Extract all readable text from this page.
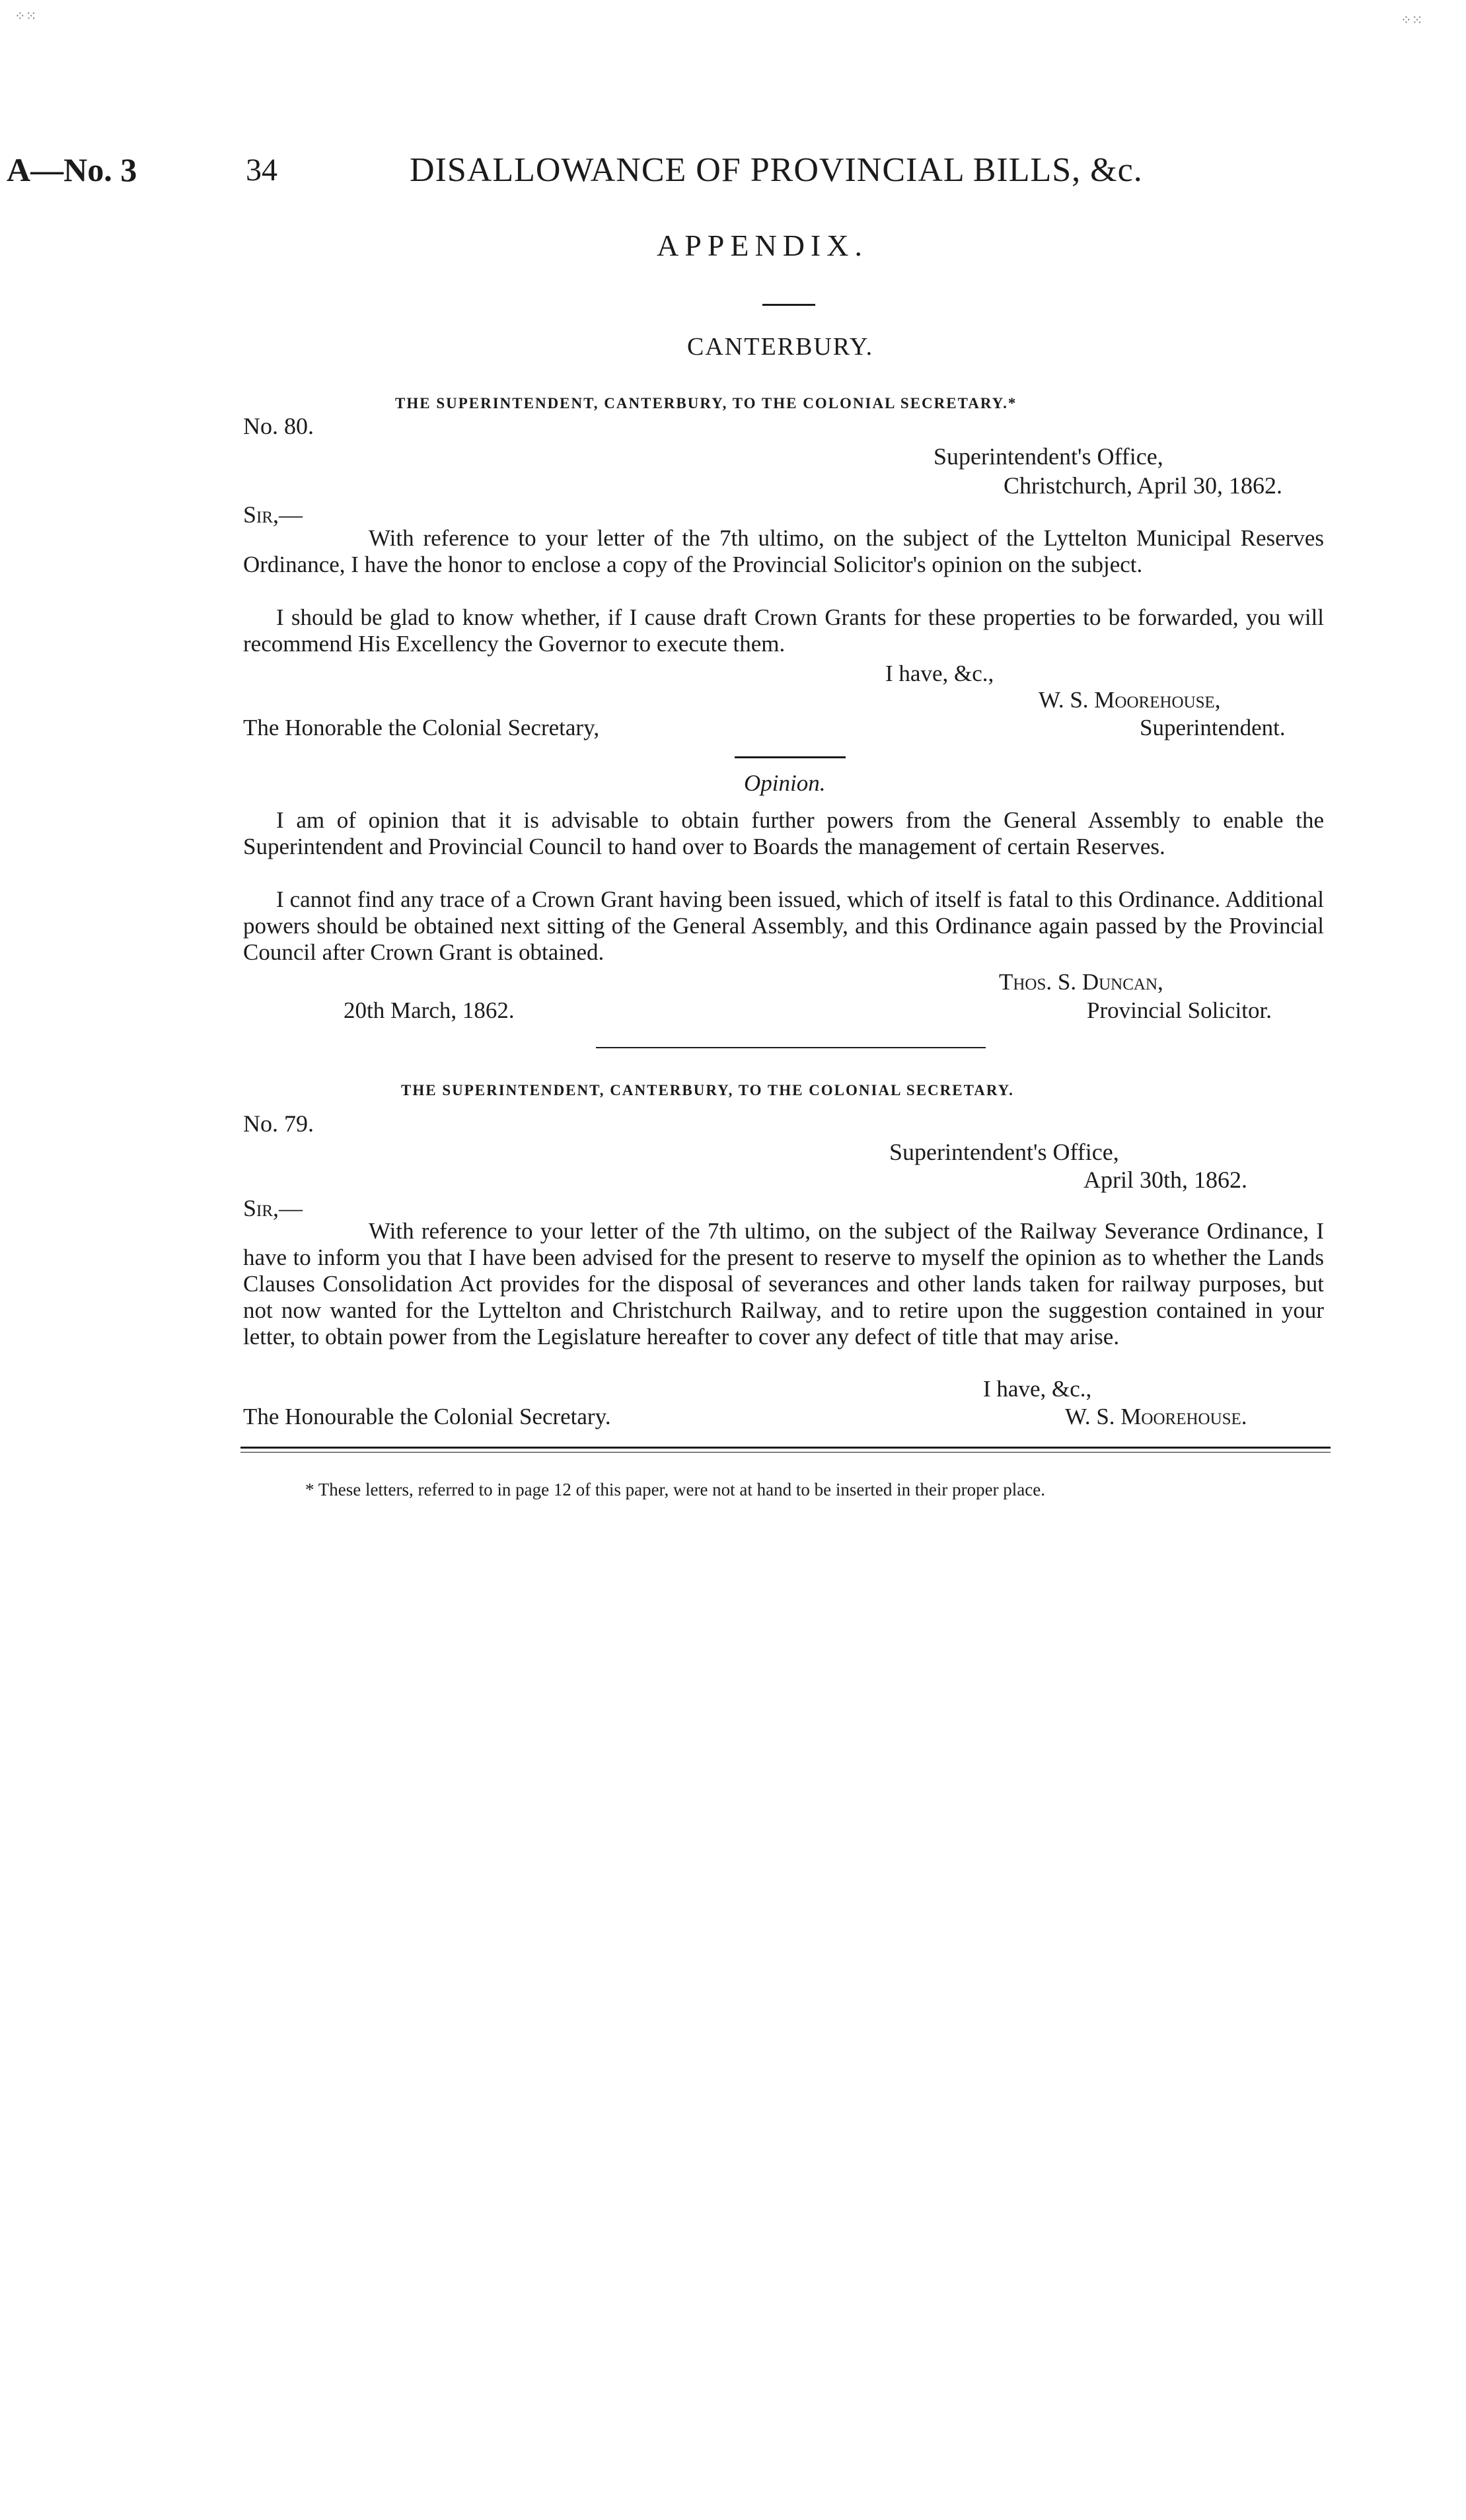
⁘⁙	⁘⁙
A—No. 3	34	DISALLOWANCE OF PROVINCIAL BILLS, &c.
APPENDIX.
CANTERBURY.
THE SUPERINTENDENT, CANTERBURY, TO THE COLONIAL SECRETARY.*
No. 80.
Superintendent's Office,
Christchurch, April 30, 1862.
Sir,—
With reference to your letter of the 7th ultimo, on the subject of the Lyttelton Municipal Reserves Ordinance, I have the honor to enclose a copy of the Provincial Solicitor's opinion on the subject.
I should be glad to know whether, if I cause draft Crown Grants for these properties to be forwarded, you will recommend His Excellency the Governor to execute them.
I have, &c.,
W. S. Moorehouse,
The Honorable the Colonial Secretary,	Superintendent.
Opinion.
I am of opinion that it is advisable to obtain further powers from the General Assembly to enable the Superintendent and Provincial Council to hand over to Boards the management of certain Reserves.
I cannot find any trace of a Crown Grant having been issued, which of itself is fatal to this Ordinance. Additional powers should be obtained next sitting of the General Assembly, and this Ordinance again passed by the Provincial Council after Crown Grant is obtained.
Thos. S. Duncan,
20th March, 1862.	Provincial Solicitor.
THE SUPERINTENDENT, CANTERBURY, TO THE COLONIAL SECRETARY.
No. 79.
Superintendent's Office,
April 30th, 1862.
Sir,—
With reference to your letter of the 7th ultimo, on the subject of the Railway Severance Ordinance, I have to inform you that I have been advised for the present to reserve to myself the opinion as to whether the Lands Clauses Consolidation Act provides for the disposal of severances and other lands taken for railway purposes, but not now wanted for the Lyttelton and Christchurch Railway, and to retire upon the suggestion contained in your letter, to obtain power from the Legislature hereafter to cover any defect of title that may arise.
I have, &c.,
The Honourable the Colonial Secretary.	W. S. Moorehouse.
* These letters, referred to in page 12 of this paper, were not at hand to be inserted in their proper place.
